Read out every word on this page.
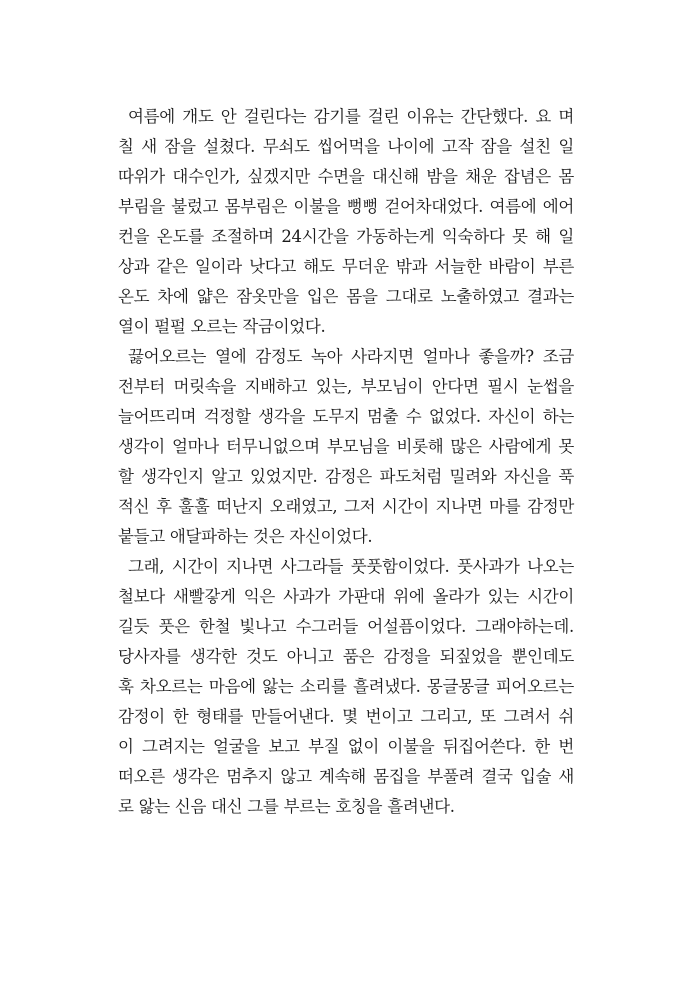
여름에 개도 안 걸린다는 감기를 걸린 이유는 간단했다. 요 며
칠 새 잠을 설쳤다. 무쇠도 씹어먹을 나이에 고작 잠을 설친 일
따위가 대수인가, 싶겠지만 수면을 대신해 밤을 채운 잡념은 몸
부림을 불렀고 몸부림은 이불을 뻥뻥 걷어차대었다. 여름에 에어
컨을 온도를 조절하며 24시간을 가동하는게 익숙하다 못 해 일
상과 같은 일이라 낫다고 해도 무더운 밖과 서늘한 바람이 부른
온도 차에 얇은 잠옷만을 입은 몸을 그대로 노출하였고 결과는
열이 펄펄 오르는 작금이었다.
끓어오르는 열에 감정도 녹아 사라지면 얼마나 좋을까? 조금
전부터 머릿속을 지배하고 있는, 부모님이 안다면 필시 눈썹을
늘어뜨리며 걱정할 생각을 도무지 멈출 수 없었다. 자신이 하는
생각이 얼마나 터무니없으며 부모님을 비롯해 많은 사람에게 못
할 생각인지 알고 있었지만. 감정은 파도처럼 밀려와 자신을 푹
적신 후 훌훌 떠난지 오래였고, 그저 시간이 지나면 마를 감정만
붙들고 애달파하는 것은 자신이었다.
그래, 시간이 지나면 사그라들 풋풋함이었다. 풋사과가 나오는
철보다 새빨갛게 익은 사과가 가판대 위에 올라가 있는 시간이
길듯 풋은 한철 빛나고 수그러들 어설픔이었다. 그래야하는데.
당사자를 생각한 것도 아니고 품은 감정을 되짚었을 뿐인데도
훅 차오르는 마음에 앓는 소리를 흘려냈다. 몽글몽글 피어오르는
감정이 한 형태를 만들어낸다. 몇 번이고 그리고, 또 그려서 쉬
이 그려지는 얼굴을 보고 부질 없이 이불을 뒤집어쓴다. 한 번
떠오른 생각은 멈추지 않고 계속해 몸집을 부풀려 결국 입술 새
로 앓는 신음 대신 그를 부르는 호칭을 흘려낸다.
